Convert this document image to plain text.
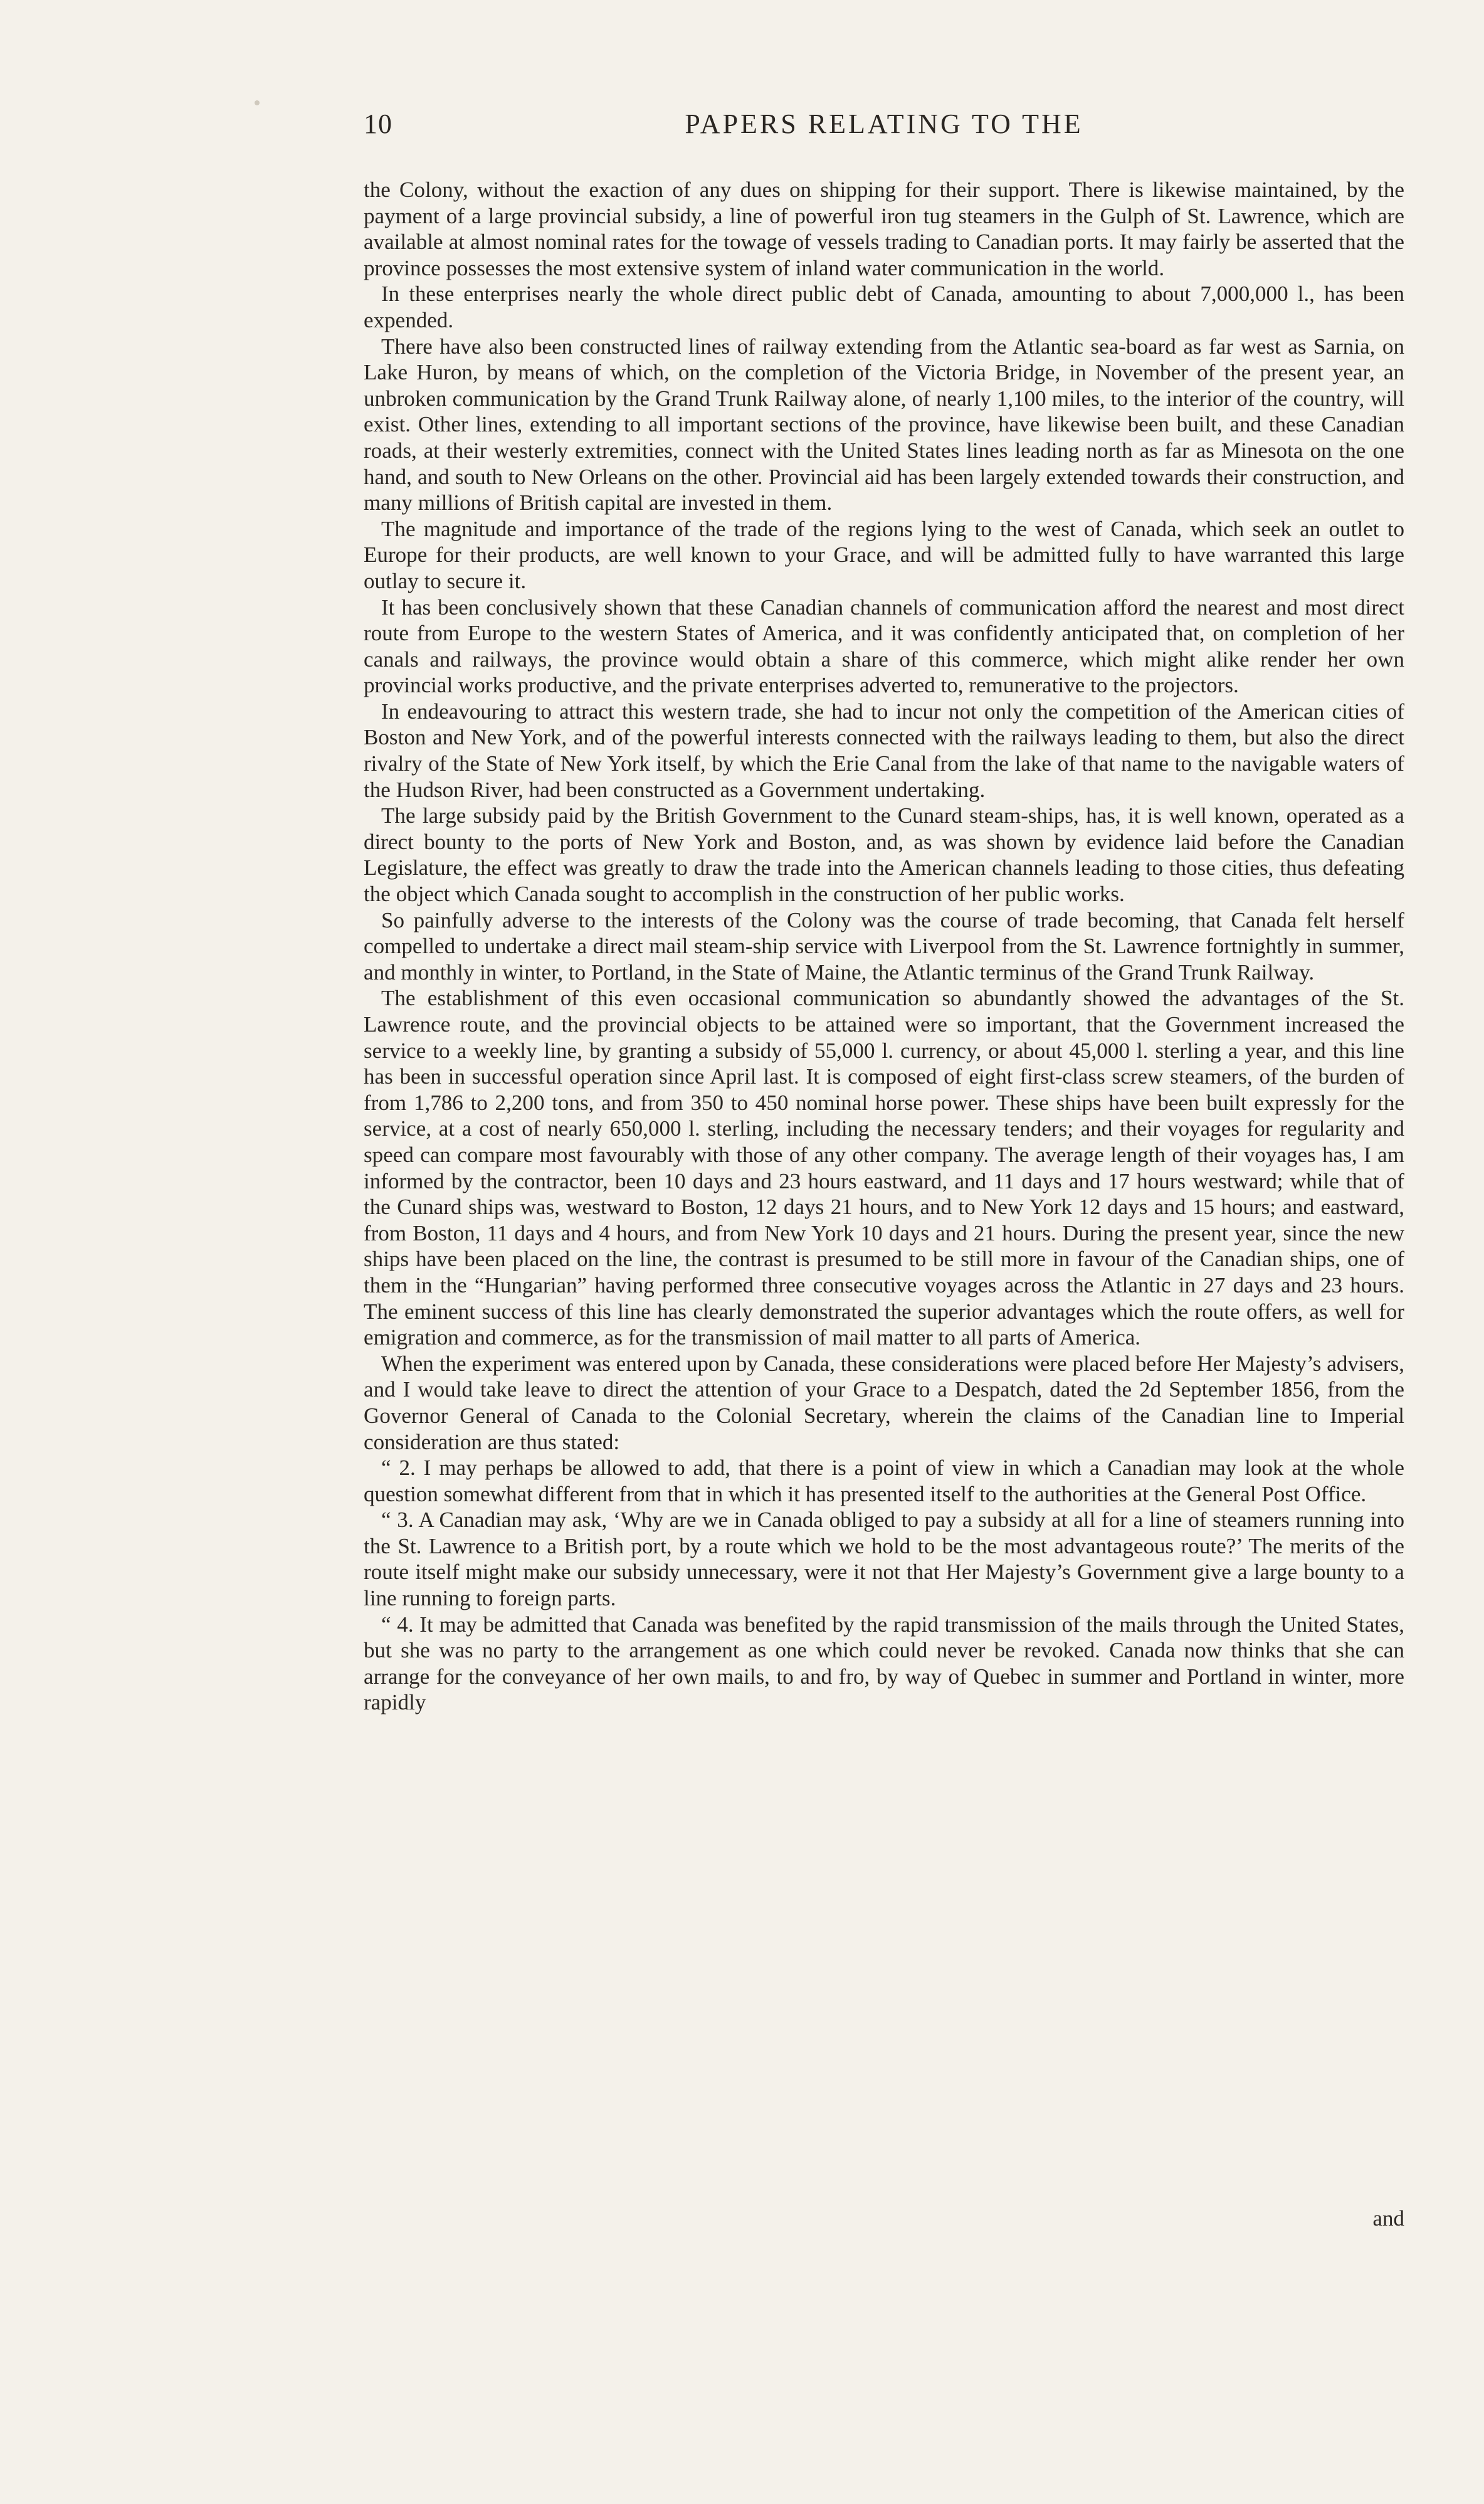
10	PAPERS RELATING TO THE

the Colony, without the exaction of any dues on shipping for their support. There is likewise maintained, by the payment of a large provincial subsidy, a line of powerful iron tug steamers in the Gulph of St. Lawrence, which are available at almost nominal rates for the towage of vessels trading to Canadian ports. It may fairly be asserted that the province possesses the most extensive system of inland water communication in the world.

In these enterprises nearly the whole direct public debt of Canada, amounting to about 7,000,000 l., has been expended.

There have also been constructed lines of railway extending from the Atlantic sea-board as far west as Sarnia, on Lake Huron, by means of which, on the completion of the Victoria Bridge, in November of the present year, an unbroken communication by the Grand Trunk Railway alone, of nearly 1,100 miles, to the interior of the country, will exist. Other lines, extending to all important sections of the province, have likewise been built, and these Canadian roads, at their westerly extremities, connect with the United States lines leading north as far as Minesota on the one hand, and south to New Orleans on the other. Provincial aid has been largely extended towards their construction, and many millions of British capital are invested in them.

The magnitude and importance of the trade of the regions lying to the west of Canada, which seek an outlet to Europe for their products, are well known to your Grace, and will be admitted fully to have warranted this large outlay to secure it.

It has been conclusively shown that these Canadian channels of communication afford the nearest and most direct route from Europe to the western States of America, and it was confidently anticipated that, on completion of her canals and railways, the province would obtain a share of this commerce, which might alike render her own provincial works productive, and the private enterprises adverted to, remunerative to the projectors.

In endeavouring to attract this western trade, she had to incur not only the competition of the American cities of Boston and New York, and of the powerful interests connected with the railways leading to them, but also the direct rivalry of the State of New York itself, by which the Erie Canal from the lake of that name to the navigable waters of the Hudson River, had been constructed as a Government undertaking.

The large subsidy paid by the British Government to the Cunard steam-ships, has, it is well known, operated as a direct bounty to the ports of New York and Boston, and, as was shown by evidence laid before the Canadian Legislature, the effect was greatly to draw the trade into the American channels leading to those cities, thus defeating the object which Canada sought to accomplish in the construction of her public works.

So painfully adverse to the interests of the Colony was the course of trade becoming, that Canada felt herself compelled to undertake a direct mail steam-ship service with Liverpool from the St. Lawrence fortnightly in summer, and monthly in winter, to Portland, in the State of Maine, the Atlantic terminus of the Grand Trunk Railway.

The establishment of this even occasional communication so abundantly showed the advantages of the St. Lawrence route, and the provincial objects to be attained were so important, that the Government increased the service to a weekly line, by granting a subsidy of 55,000 l. currency, or about 45,000 l. sterling a year, and this line has been in successful operation since April last. It is composed of eight first-class screw steamers, of the burden of from 1,786 to 2,200 tons, and from 350 to 450 nominal horse power. These ships have been built expressly for the service, at a cost of nearly 650,000 l. sterling, including the necessary tenders; and their voyages for regularity and speed can compare most favourably with those of any other company. The average length of their voyages has, I am informed by the contractor, been 10 days and 23 hours eastward, and 11 days and 17 hours westward; while that of the Cunard ships was, westward to Boston, 12 days 21 hours, and to New York 12 days and 15 hours; and eastward, from Boston, 11 days and 4 hours, and from New York 10 days and 21 hours. During the present year, since the new ships have been placed on the line, the contrast is presumed to be still more in favour of the Canadian ships, one of them in the “Hungarian” having performed three consecutive voyages across the Atlantic in 27 days and 23 hours. The eminent success of this line has clearly demonstrated the superior advantages which the route offers, as well for emigration and commerce, as for the transmission of mail matter to all parts of America.

When the experiment was entered upon by Canada, these considerations were placed before Her Majesty’s advisers, and I would take leave to direct the attention of your Grace to a Despatch, dated the 2d September 1856, from the Governor General of Canada to the Colonial Secretary, wherein the claims of the Canadian line to Imperial consideration are thus stated:

“ 2. I may perhaps be allowed to add, that there is a point of view in which a Canadian may look at the whole question somewhat different from that in which it has presented itself to the authorities at the General Post Office.

“ 3. A Canadian may ask, ‘Why are we in Canada obliged to pay a subsidy at all for a line of steamers running into the St. Lawrence to a British port, by a route which we hold to be the most advantageous route?’ The merits of the route itself might make our subsidy unnecessary, were it not that Her Majesty’s Government give a large bounty to a line running to foreign parts.

“ 4. It may be admitted that Canada was benefited by the rapid transmission of the mails through the United States, but she was no party to the arrangement as one which could never be revoked. Canada now thinks that she can arrange for the conveyance of her own mails, to and fro, by way of Quebec in summer and Portland in winter, more rapidly

and
